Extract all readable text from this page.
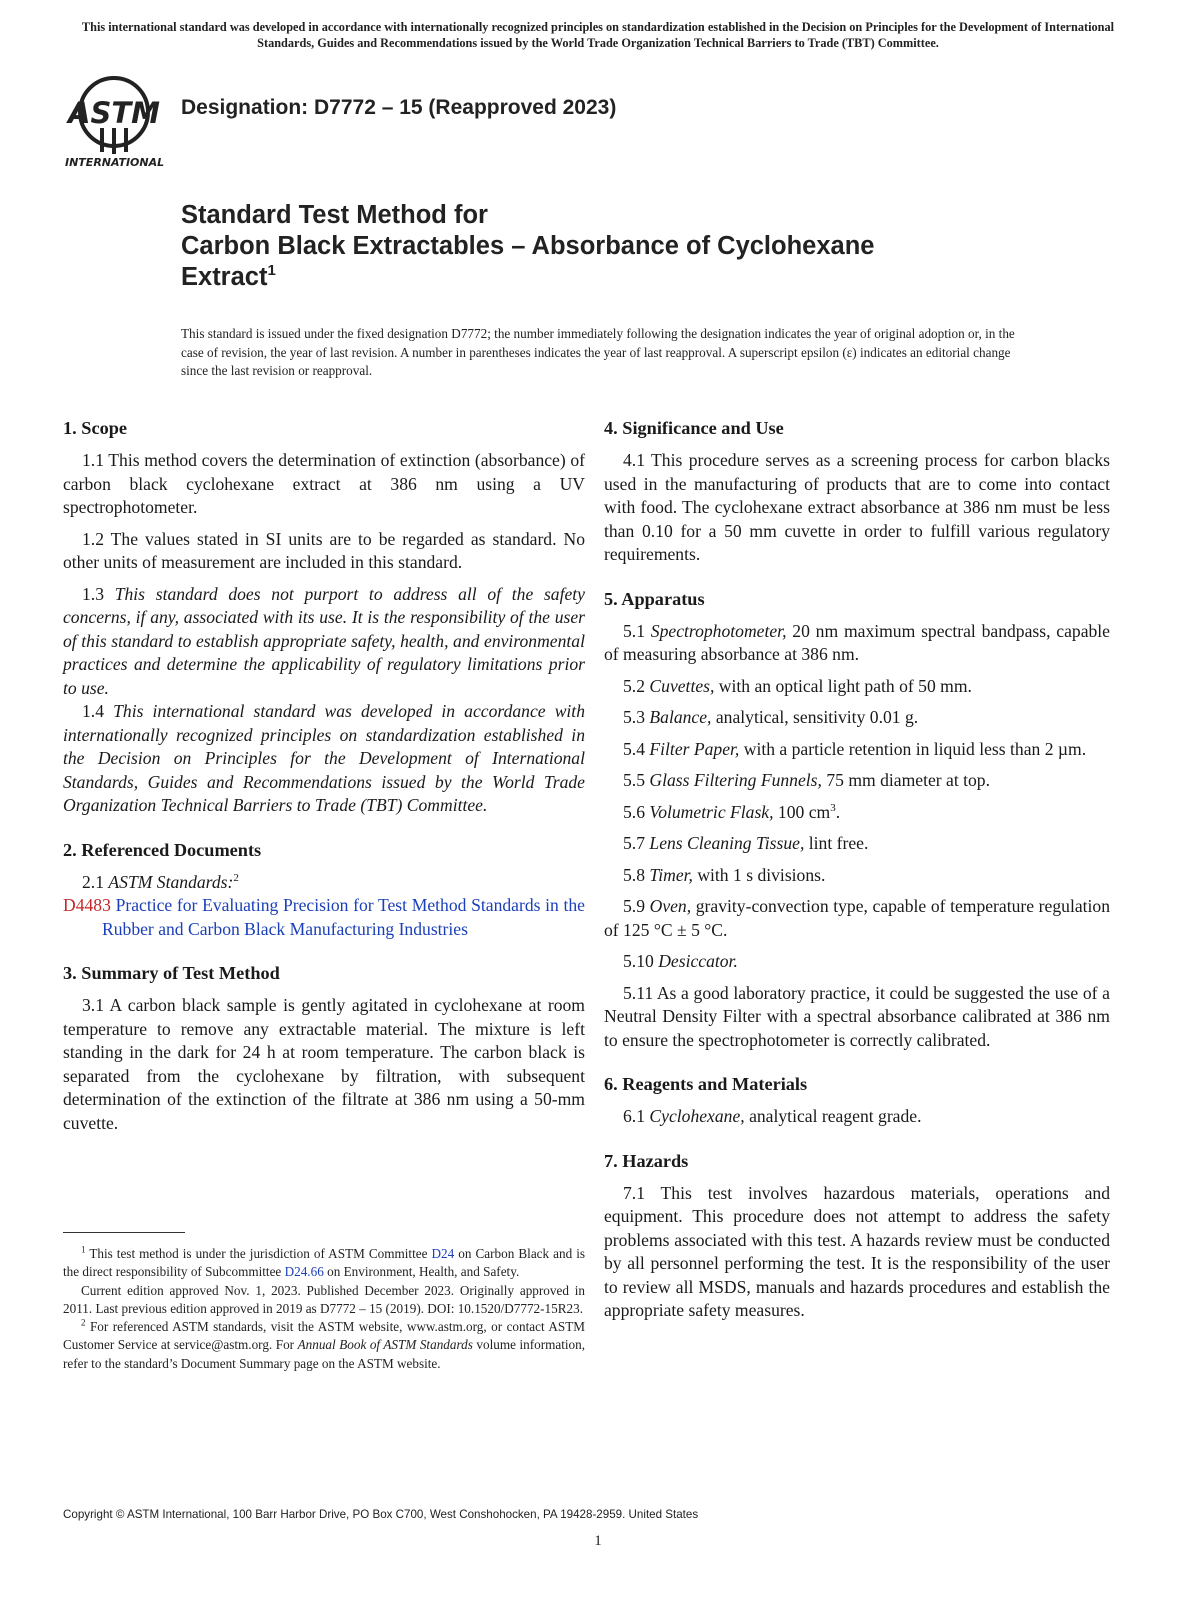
This international standard was developed in accordance with internationally recognized principles on standardization established in the Decision on Principles for the Development of International Standards, Guides and Recommendations issued by the World Trade Organization Technical Barriers to Trade (TBT) Committee.
ASTM
INTERNATIONAL
Designation: D7772 – 15 (Reapproved 2023)
Standard Test Method for
Carbon Black Extractables – Absorbance of Cyclohexane
Extract$^1$
This standard is issued under the fixed designation D7772; the number immediately following the designation indicates the year of original adoption or, in the case of revision, the year of last revision. A number in parentheses indicates the year of last reapproval. A superscript epsilon (ε) indicates an editorial change since the last revision or reapproval.
1. Scope

1.1 This method covers the determination of extinction (absorbance) of carbon black cyclohexane extract at 386 nm using a UV spectrophotometer.

1.2 The values stated in SI units are to be regarded as standard. No other units of measurement are included in this standard.

1.3 This standard does not purport to address all of the safety concerns, if any, associated with its use. It is the responsibility of the user of this standard to establish appropriate safety, health, and environmental practices and determine the applicability of regulatory limitations prior to use.

1.4 This international standard was developed in accordance with internationally recognized principles on standardization established in the Decision on Principles for the Development of International Standards, Guides and Recommendations issued by the World Trade Organization Technical Barriers to Trade (TBT) Committee.

2. Referenced Documents

2.1 ASTM Standards:$^2$

D4483 Practice for Evaluating Precision for Test Method Standards in the Rubber and Carbon Black Manufacturing Industries
3. Summary of Test Method

3.1 A carbon black sample is gently agitated in cyclohexane at room temperature to remove any extractable material. The mixture is left standing in the dark for 24 h at room temperature. The carbon black is separated from the cyclohexane by filtration, with subsequent determination of the extinction of the filtrate at 386 nm using a 50-mm cuvette.

4. Significance and Use

4.1 This procedure serves as a screening process for carbon blacks used in the manufacturing of products that are to come into contact with food. The cyclohexane extract absorbance at 386 nm must be less than 0.10 for a 50 mm cuvette in order to fulfill various regulatory requirements.

5. Apparatus

5.1 Spectrophotometer, 20 nm maximum spectral bandpass, capable of measuring absorbance at 386 nm.

5.2 Cuvettes, with an optical light path of 50 mm.

5.3 Balance, analytical, sensitivity 0.01 g.

5.4 Filter Paper, with a particle retention in liquid less than 2 µm.

5.5 Glass Filtering Funnels, 75 mm diameter at top.

5.6 Volumetric Flask, 100 $cm^3$.

5.7 Lens Cleaning Tissue, lint free.

5.8 Timer, with 1 s divisions.

5.9 Oven, gravity-convection type, capable of temperature regulation of 125 °C ± 5 °C.

5.10 Desiccator.

5.11 As a good laboratory practice, it could be suggested the use of a Neutral Density Filter with a spectral absorbance calibrated at 386 nm to ensure the spectrophotometer is correctly calibrated.

6. Reagents and Materials

6.1 Cyclohexane, analytical reagent grade.

7. Hazards

7.1 This test involves hazardous materials, operations and equipment. This procedure does not attempt to address the safety problems associated with this test. A hazards review must be conducted by all personnel performing the test. It is the responsibility of the user to review all MSDS, manuals and hazards procedures and establish the appropriate safety measures.

$^1$ This test method is under the jurisdiction of ASTM Committee D24 on Carbon Black and is the direct responsibility of Subcommittee D24.66 on Environment, Health, and Safety.

Current edition approved Nov. 1, 2023. Published December 2023. Originally approved in 2011. Last previous edition approved in 2019 as D7772 – 15 (2019). DOI: 10.1520/D7772-15R23.

$^2$ For referenced ASTM standards, visit the ASTM website, www.astm.org, or contact ASTM Customer Service at service@astm.org. For Annual Book of ASTM Standards volume information, refer to the standard’s Document Summary page on the ASTM website.

Copyright © ASTM International, 100 Barr Harbor Drive, PO Box C700, West Conshohocken, PA 19428-2959. United States
1
